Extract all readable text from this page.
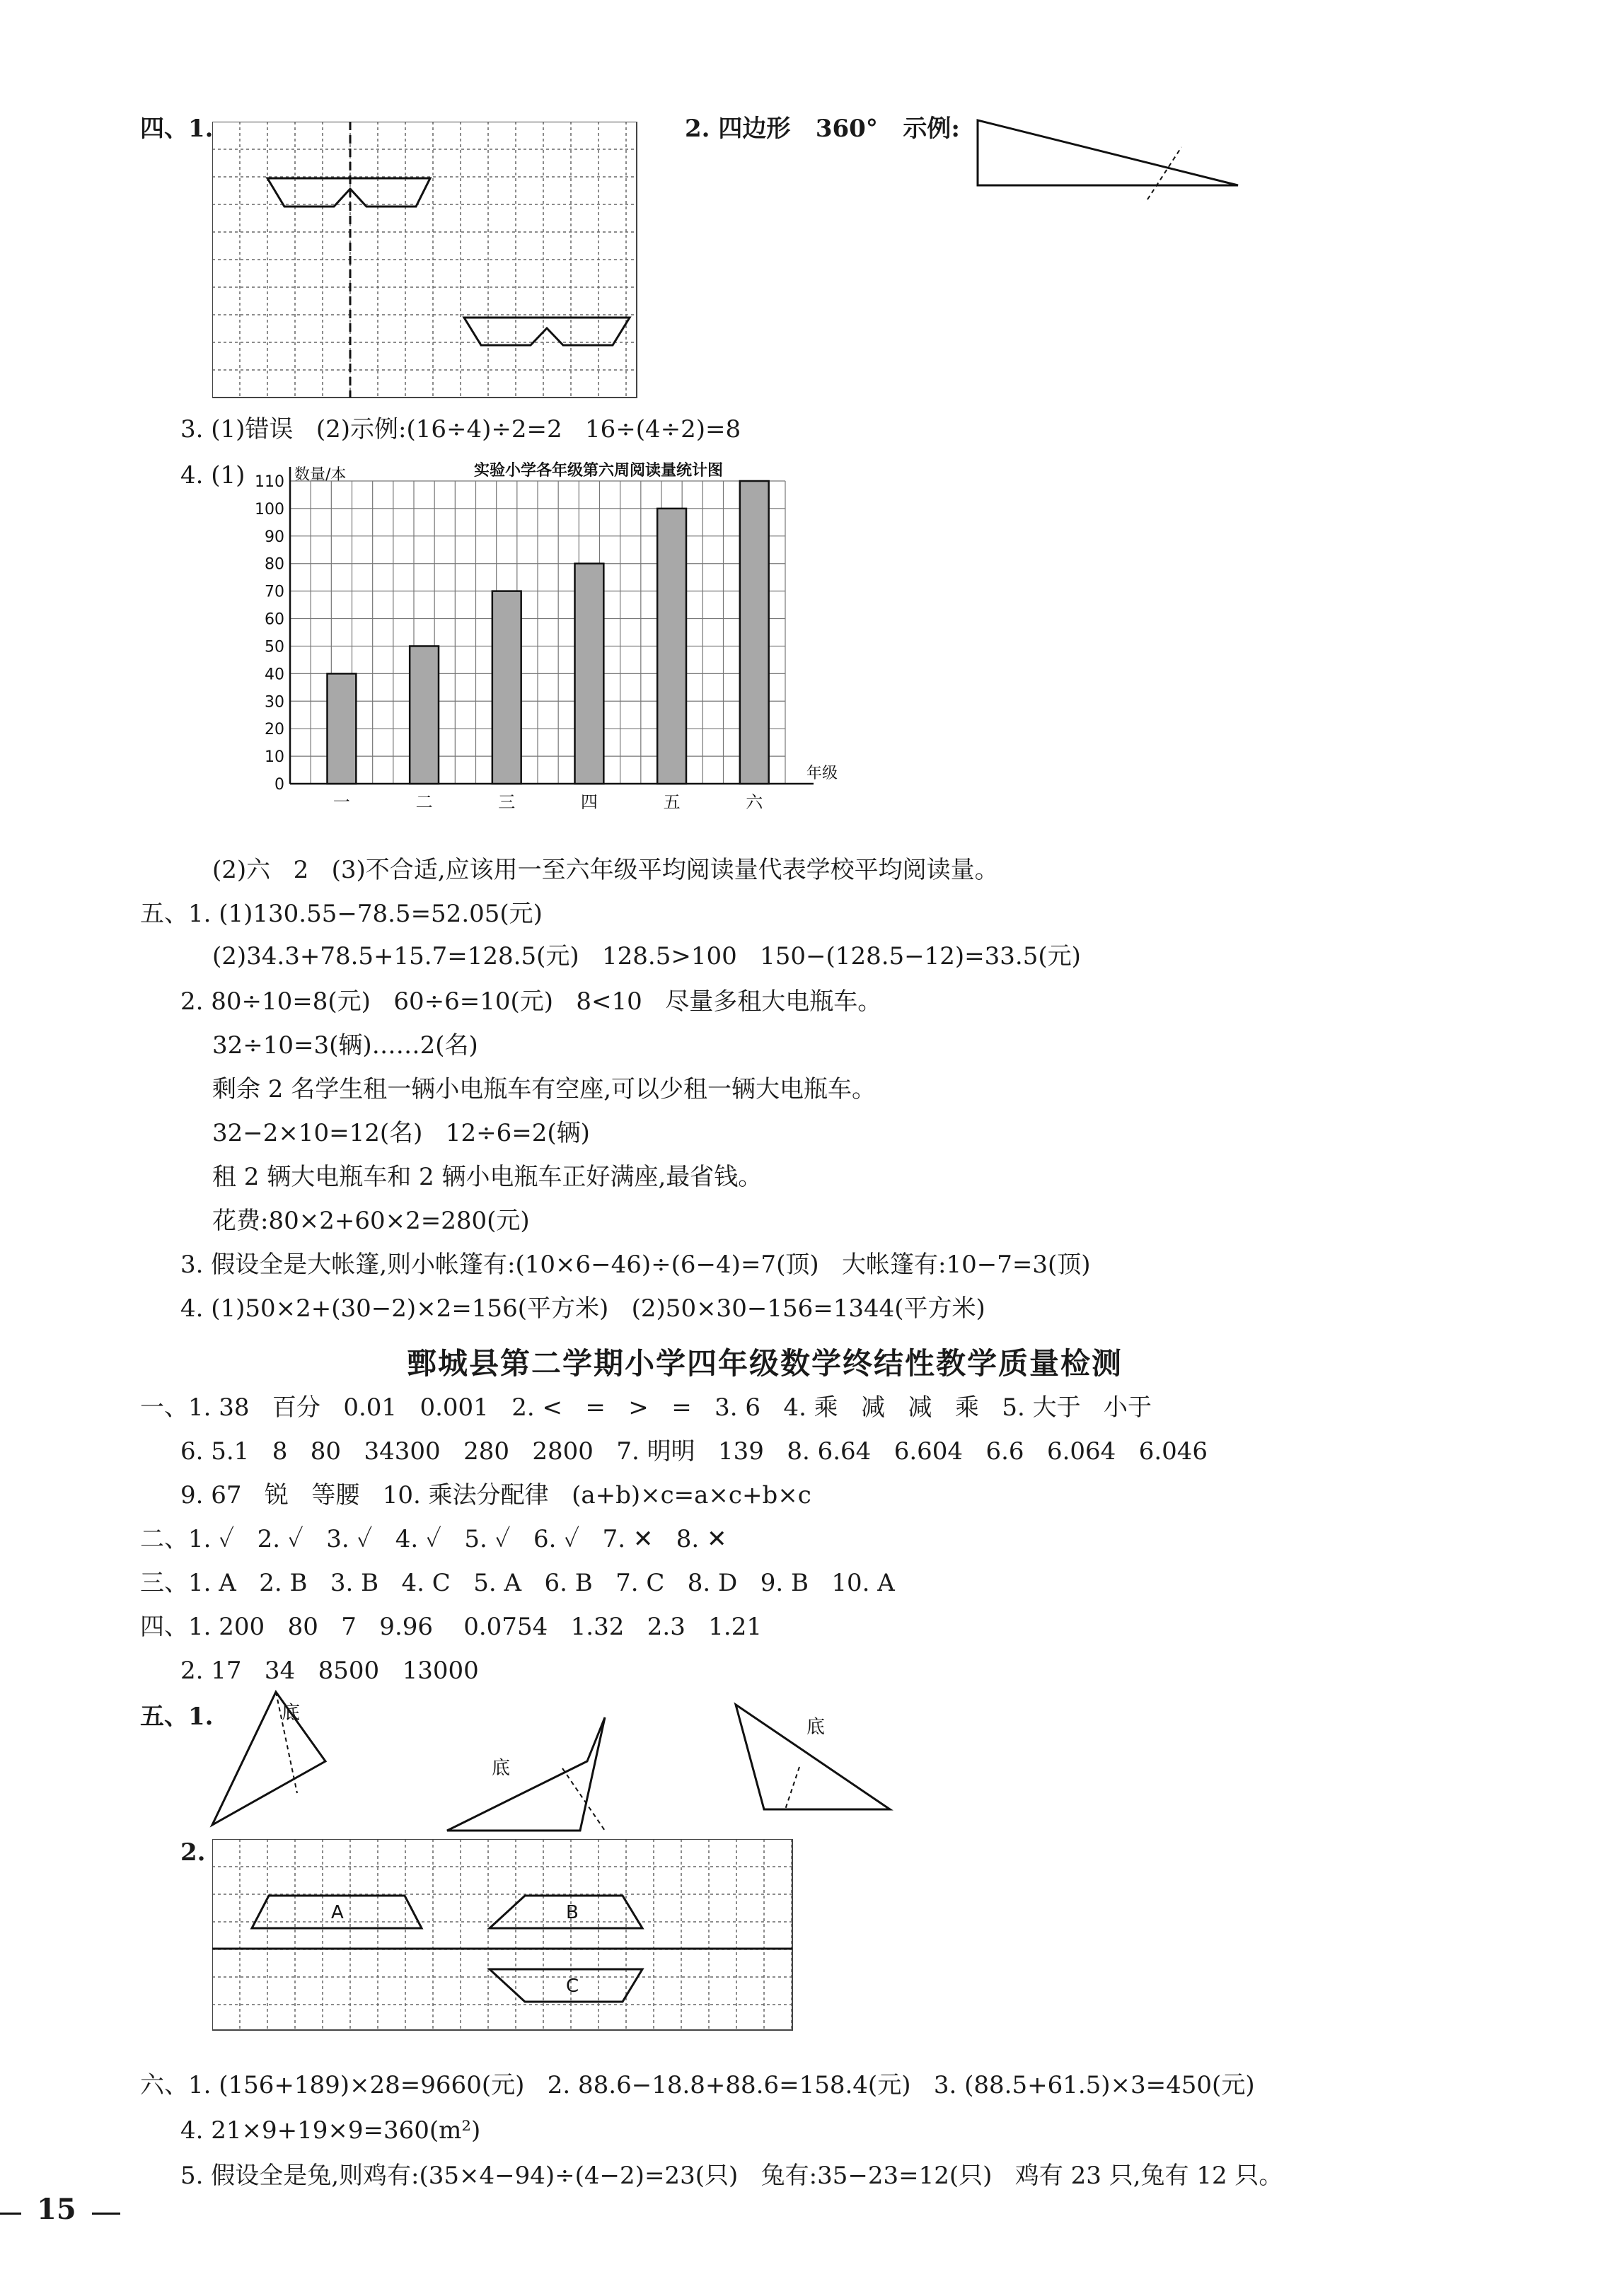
四、1.	2. 四边形   360°   示例:
3. (1)错误   (2)示例:(16÷4)÷2=2   16÷(4÷2)=8
4. (1)	实验小学各年级第六周阅读量统计图
数量/本
0
10
20
30
40
50
60
70
80
90
100
110
年级
一	二	三	四	五	六
(2)六   2   (3)不合适,应该用一至六年级平均阅读量代表学校平均阅读量。
五、1. (1)130.55−78.5=52.05(元)
(2)34.3+78.5+15.7=128.5(元)   128.5>100   150−(128.5−12)=33.5(元)
2. 80÷10=8(元)   60÷6=10(元)   8<10   尽量多租大电瓶车。
32÷10=3(辆)……2(名)
剩余 2 名学生租一辆小电瓶车有空座,可以少租一辆大电瓶车。
32−2×10=12(名)   12÷6=2(辆)
租 2 辆大电瓶车和 2 辆小电瓶车正好满座,最省钱。
花费:80×2+60×2=280(元)
3. 假设全是大帐篷,则小帐篷有:(10×6−46)÷(6−4)=7(顶)   大帐篷有:10−7=3(顶)
4. (1)50×2+(30−2)×2=156(平方米)   (2)50×30−156=1344(平方米)
鄄城县第二学期小学四年级数学终结性教学质量检测
一、1. 38   百分   0.01   0.001   2. <   =   >   =   3. 6   4. 乘   减   减   乘   5. 大于   小于
6. 5.1   8   80   34300   280   2800   7. 明明   139   8. 6.64   6.604   6.6   6.064   6.046
9. 67   锐   等腰   10. 乘法分配律   (a+b)×c=a×c+b×c
二、1. ✓   2. ✓   3. ✓   4. ✓   5. ✓   6. ✓   7. ✕   8. ✕
三、1. A   2. B   3. B   4. C   5. A   6. B   7. C   8. D   9. B   10. A
四、1. 200   80   7   9.96    0.0754   1.32   2.3   1.21
2. 17   34   8500   13000
五、1.	底
底
底
2.
A	B
C
六、1. (156+189)×28=9660(元)   2. 88.6−18.8+88.6=158.4(元)   3. (88.5+61.5)×3=450(元)
4. 21×9+19×9=360(m²)
5. 假设全是兔,则鸡有:(35×4−94)÷(4−2)=23(只)   兔有:35−23=12(只)   鸡有 23 只,兔有 12 只。
15
